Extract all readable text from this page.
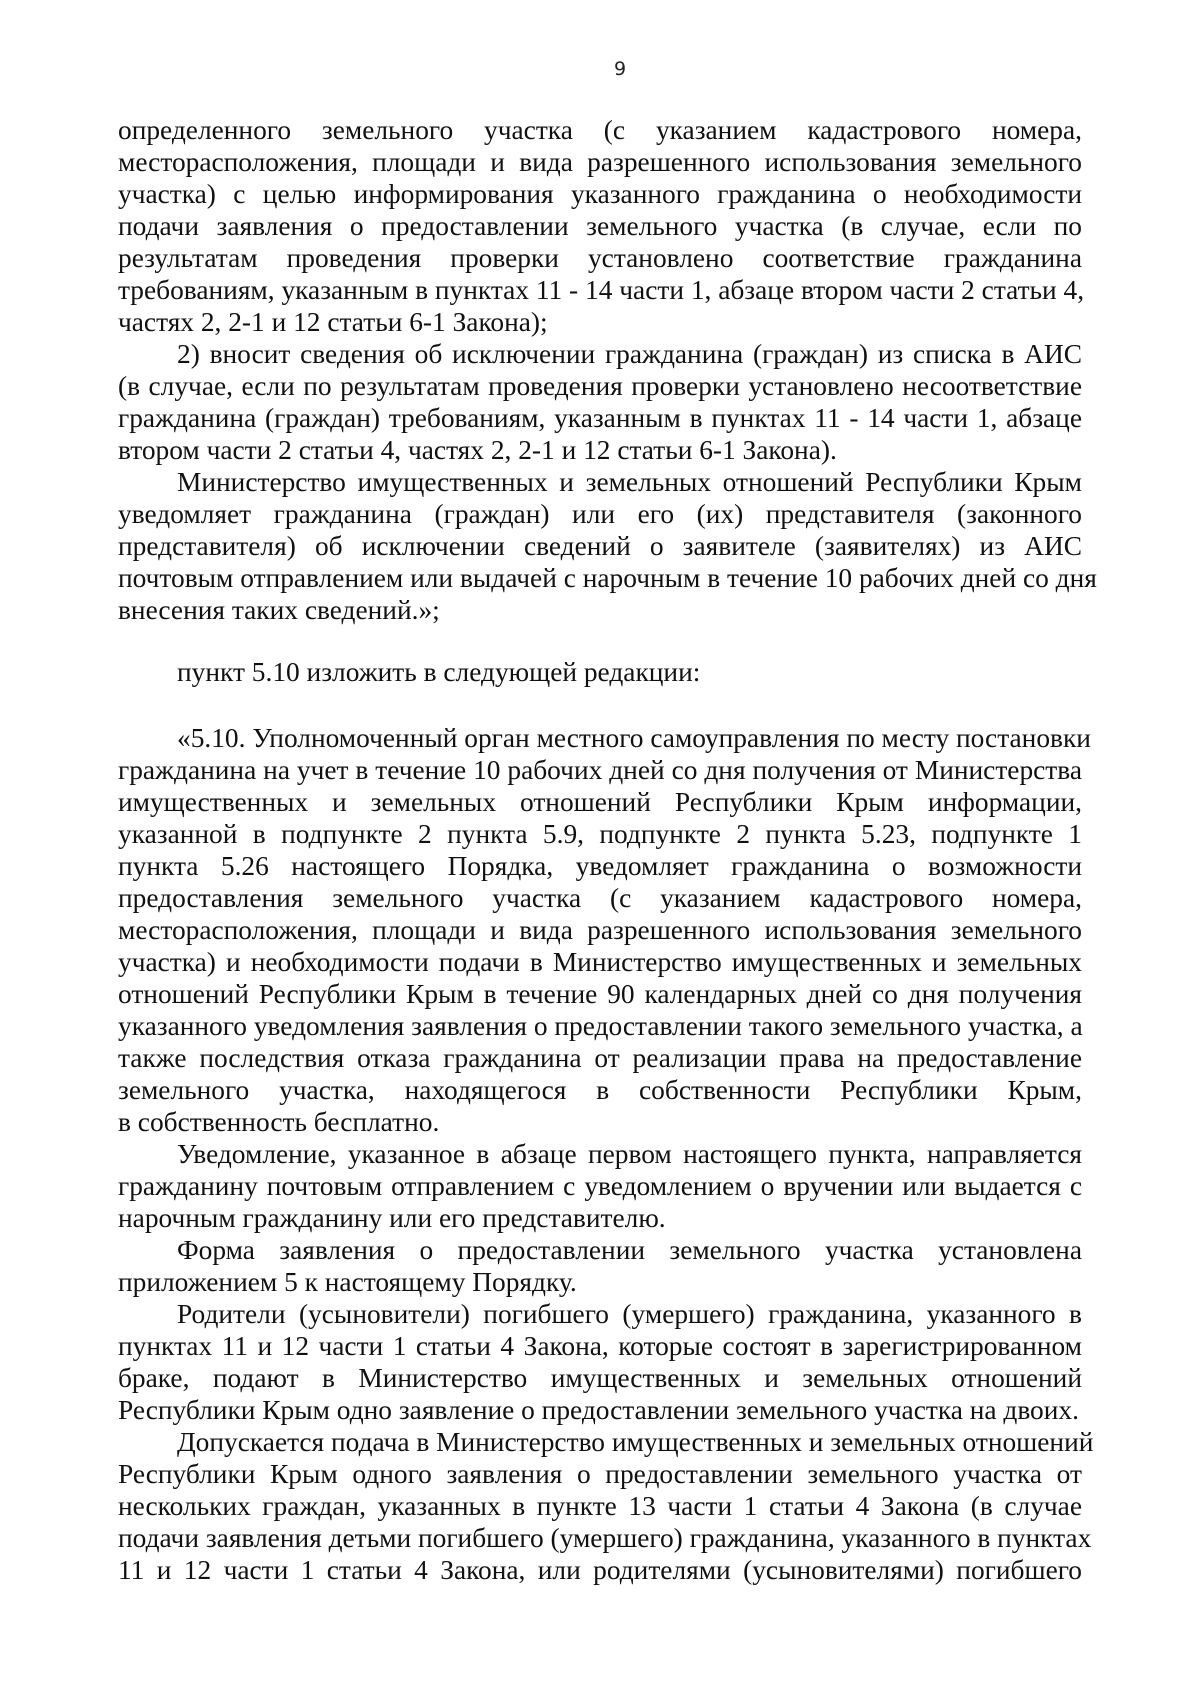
9
определенного земельного участка (с указанием кадастрового номера,
месторасположения, площади и вида разрешенного использования земельного
участка) с целью информирования указанного гражданина о необходимости
подачи заявления о предоставлении земельного участка (в случае, если по
результатам проведения проверки установлено соответствие гражданина
требованиям, указанным в пунктах 11 - 14 части 1, абзаце втором части 2 статьи 4,
частях 2, 2-1 и 12 статьи 6-1 Закона);
2) вносит сведения об исключении гражданина (граждан) из списка в АИС
(в случае, если по результатам проведения проверки установлено несоответствие
гражданина (граждан) требованиям, указанным в пунктах 11 - 14 части 1, абзаце
втором части 2 статьи 4, частях 2, 2-1 и 12 статьи 6-1 Закона).
Министерство имущественных и земельных отношений Республики Крым
уведомляет гражданина (граждан) или его (их) представителя (законного
представителя) об исключении сведений о заявителе (заявителях) из АИС
почтовым отправлением или выдачей с нарочным в течение 10 рабочих дней со дня
внесения таких сведений.»;
пункт 5.10 изложить в следующей редакции:
«5.10. Уполномоченный орган местного самоуправления по месту постановки
гражданина на учет в течение 10 рабочих дней со дня получения от Министерства
имущественных и земельных отношений Республики Крым информации,
указанной в подпункте 2 пункта 5.9, подпункте 2 пункта 5.23, подпункте 1
пункта 5.26 настоящего Порядка, уведомляет гражданина о возможности
предоставления земельного участка (с указанием кадастрового номера,
месторасположения, площади и вида разрешенного использования земельного
участка) и необходимости подачи в Министерство имущественных и земельных
отношений Республики Крым в течение 90 календарных дней со дня получения
указанного уведомления заявления о предоставлении такого земельного участка, а
также последствия отказа гражданина от реализации права на предоставление
земельного участка, находящегося в собственности Республики Крым,
в собственность бесплатно.
Уведомление, указанное в абзаце первом настоящего пункта, направляется
гражданину почтовым отправлением с уведомлением о вручении или выдается с
нарочным гражданину или его представителю.
Форма заявления о предоставлении земельного участка установлена
приложением 5 к настоящему Порядку.
Родители (усыновители) погибшего (умершего) гражданина, указанного в
пунктах 11 и 12 части 1 статьи 4 Закона, которые состоят в зарегистрированном
браке, подают в Министерство имущественных и земельных отношений
Республики Крым одно заявление о предоставлении земельного участка на двоих.
Допускается подача в Министерство имущественных и земельных отношений
Республики Крым одного заявления о предоставлении земельного участка от
нескольких граждан, указанных в пункте 13 части 1 статьи 4 Закона (в случае
подачи заявления детьми погибшего (умершего) гражданина, указанного в пунктах
11 и 12 части 1 статьи 4 Закона, или родителями (усыновителями) погибшего
